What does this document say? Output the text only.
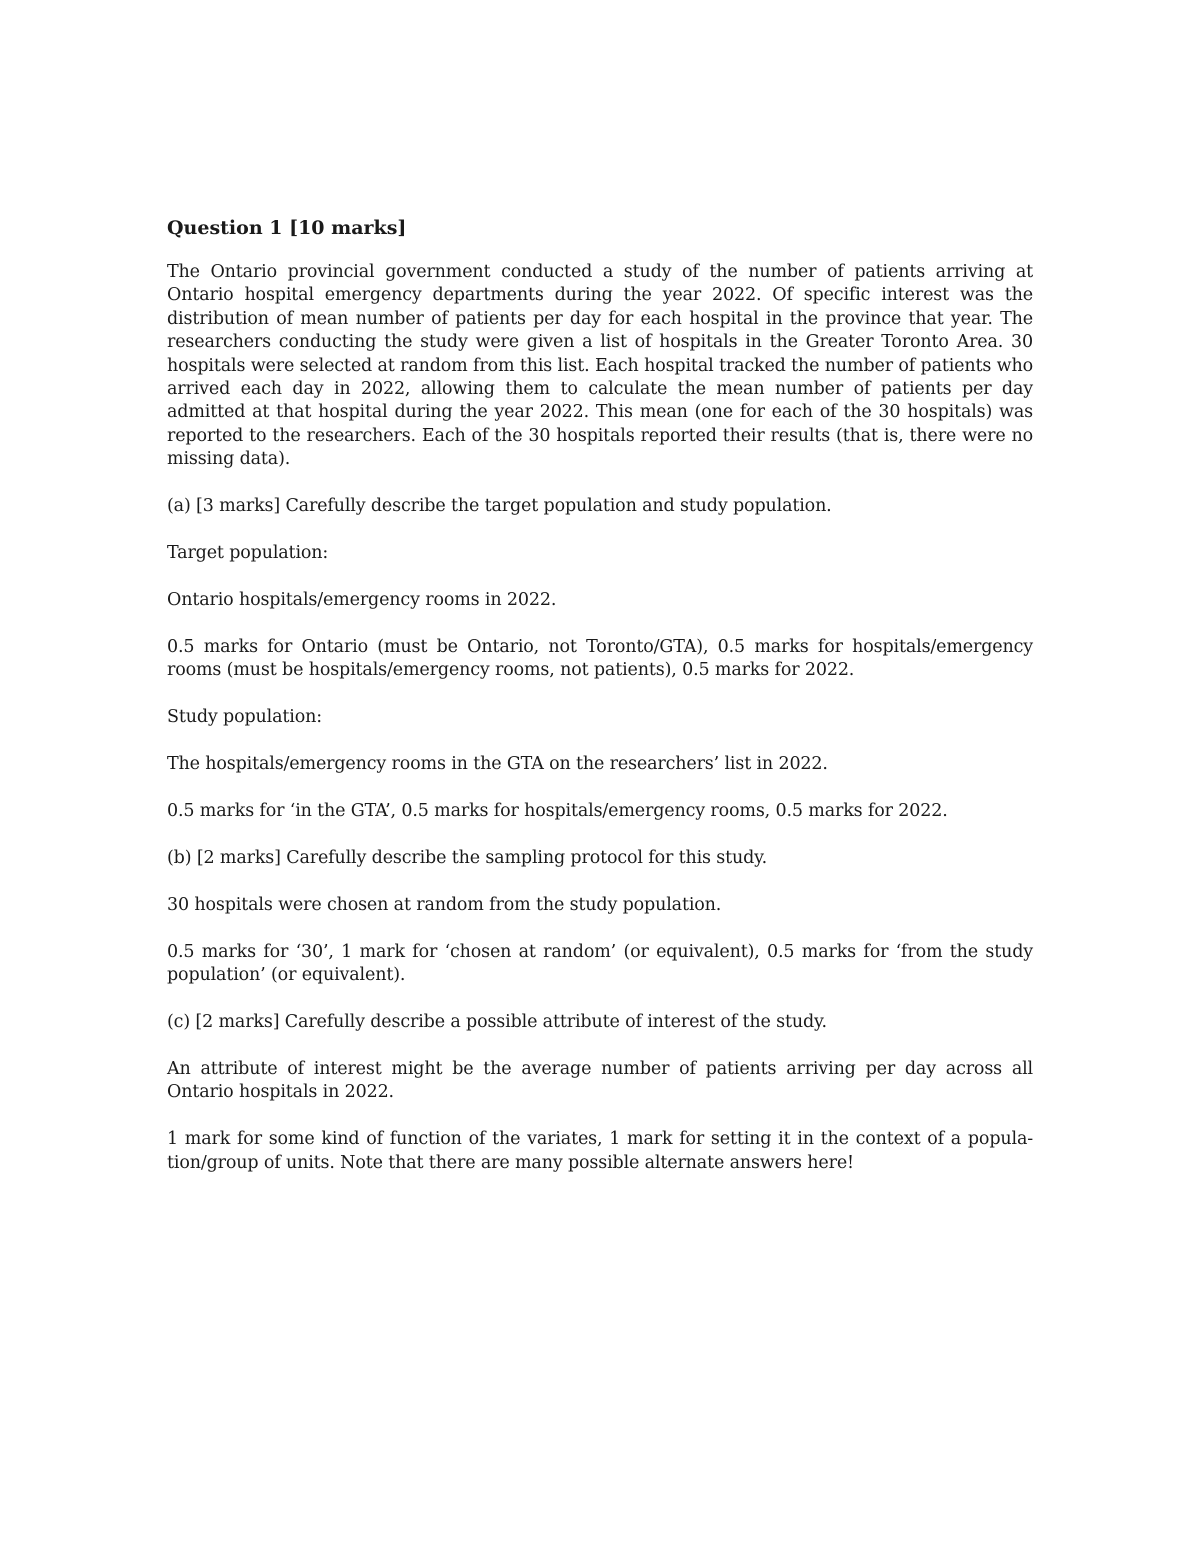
Question 1 [10 marks]

The Ontario provincial government conducted a study of the number of patients arriving at Ontario hospital emergency departments during the year 2022. Of specific interest was the distribution of mean number of patients per day for each hospital in the province that year. The researchers conducting the study were given a list of hospitals in the Greater Toronto Area. 30 hospitals were selected at random from this list. Each hospital tracked the number of patients who arrived each day in 2022, allowing them to calculate the mean number of patients per day admitted at that hospital during the year 2022. This mean (one for each of the 30 hospitals) was reported to the researchers. Each of the 30 hospitals reported their results (that is, there were no missing data).

(a) [3 marks] Carefully describe the target population and study population.

Target population:

Ontario hospitals/emergency rooms in 2022.

0.5 marks for Ontario (must be Ontario, not Toronto/GTA), 0.5 marks for hospitals/emergency rooms (must be hospitals/emergency rooms, not patients), 0.5 marks for 2022.

Study population:

The hospitals/emergency rooms in the GTA on the researchers’ list in 2022.

0.5 marks for ‘in the GTA’, 0.5 marks for hospitals/emergency rooms, 0.5 marks for 2022.

(b) [2 marks] Carefully describe the sampling protocol for this study.

30 hospitals were chosen at random from the study population.

0.5 marks for ‘30’, 1 mark for ‘chosen at random’ (or equivalent), 0.5 marks for ‘from the study population’ (or equivalent).

(c) [2 marks] Carefully describe a possible attribute of interest of the study.

An attribute of interest might be the average number of patients arriving per day across all Ontario hospitals in 2022.

1 mark for some kind of function of the variates, 1 mark for setting it in the context of a popula-tion/group of units. Note that there are many possible alternate answers here!
